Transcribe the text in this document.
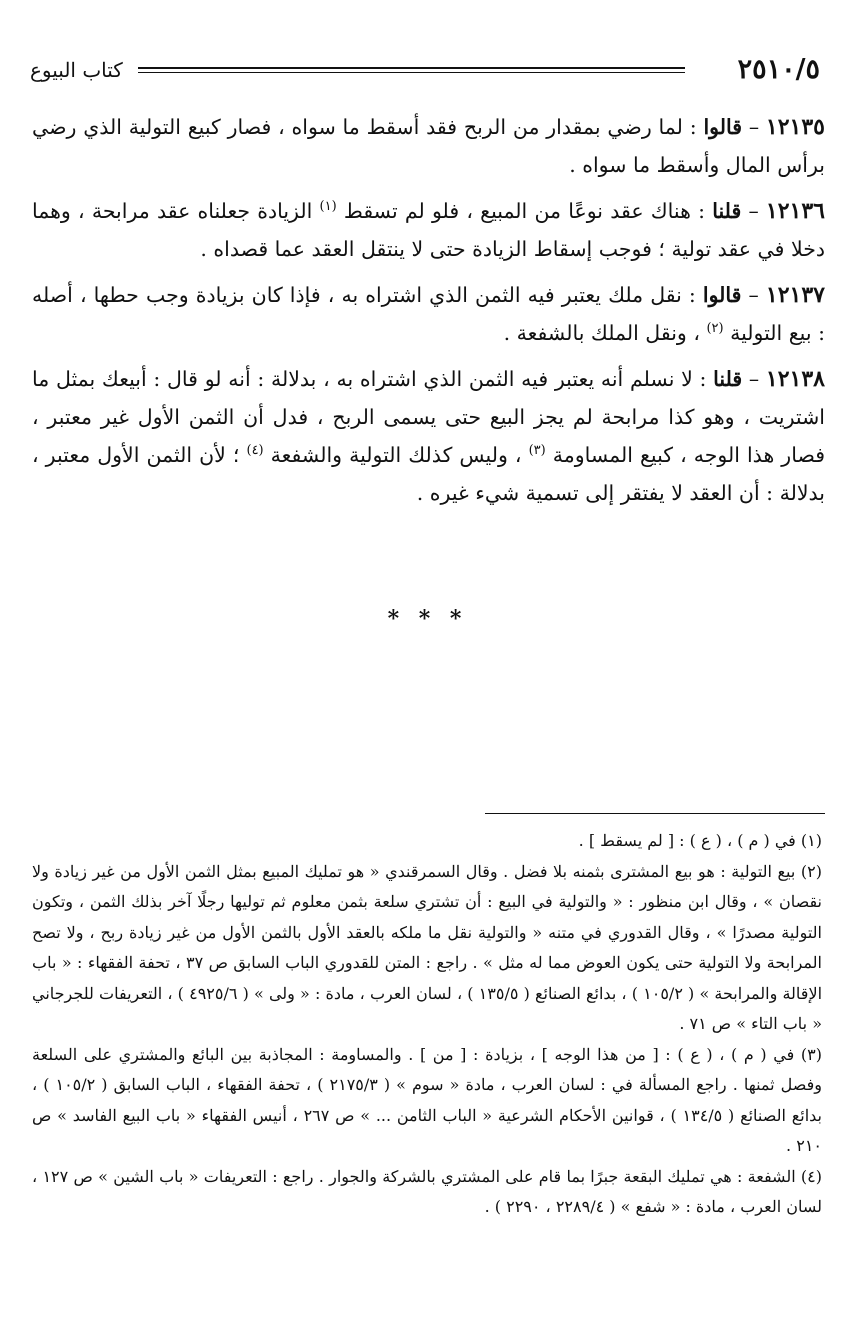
٢٥١٠/٥
كتاب البيوع

١٢١٣٥ – قالوا : لما رضي بمقدار من الربح فقد أسقط ما سواه ، فصار كبيع التولية الذي رضي برأس المال وأسقط ما سواه .

١٢١٣٦ – قلنا : هناك عقد نوعًا من المبيع ، فلو لم تسقط $^{(١)}$ الزيادة جعلناه عقد مرابحة ، وهما دخلا في عقد تولية ؛ فوجب إسقاط الزيادة حتى لا ينتقل العقد عما قصداه .

١٢١٣٧ – قالوا : نقل ملك يعتبر فيه الثمن الذي اشتراه به ، فإذا كان بزيادة وجب حطها ، أصله : بيع التولية $^{(٢)}$ ، ونقل الملك بالشفعة .

١٢١٣٨ – قلنا : لا نسلم أنه يعتبر فيه الثمن الذي اشتراه به ، بدلالة : أنه لو قال : أبيعك بمثل ما اشتريت ، وهو كذا مرابحة لم يجز البيع حتى يسمى الربح ، فدل أن الثمن الأول غير معتبر ، فصار هذا الوجه ، كبيع المساومة $^{(٣)}$ ، وليس كذلك التولية والشفعة $^{(٤)}$ ؛ لأن الثمن الأول معتبر ، بدلالة : أن العقد لا يفتقر إلى تسمية شيء غيره .

* * *

(١) في ( م ) ، ( ع ) : [ لم يسقط ] .

(٢) بيع التولية : هو بيع المشترى بثمنه بلا فضل . وقال السمرقندي « هو تمليك المبيع بمثل الثمن الأول من غير زيادة ولا نقصان » ، وقال ابن منظور : « والتولية في البيع : أن تشتري سلعة بثمن معلوم ثم توليها رجلًا آخر بذلك الثمن ، وتكون التولية مصدرًا » ، وقال القدوري في متنه « والتولية نقل ما ملكه بالعقد الأول بالثمن الأول من غير زيادة ربح ، ولا تصح المرابحة ولا التولية حتى يكون العوض مما له مثل » . راجع : المتن للقدوري الباب السابق ص ٣٧ ، تحفة الفقهاء : « باب الإقالة والمرابحة » ( ١٠٥/٢ ) ، بدائع الصنائع ( ١٣٥/٥ ) ، لسان العرب ، مادة : « ولى » ( ٤٩٢٥/٦ ) ، التعريفات للجرجاني « باب التاء » ص ٧١ .

(٣) في ( م ) ، ( ع ) : [ من هذا الوجه ] ، بزيادة : [ من ] . والمساومة : المجاذبة بين البائع والمشتري على السلعة وفصل ثمنها . راجع المسألة في : لسان العرب ، مادة « سوم » ( ٢١٧٥/٣ ) ، تحفة الفقهاء ، الباب السابق ( ١٠٥/٢ ) ، بدائع الصنائع ( ١٣٤/٥ ) ، قوانين الأحكام الشرعية « الباب الثامن ... » ص ٢٦٧ ، أنيس الفقهاء « باب البيع الفاسد » ص ٢١٠ .

(٤) الشفعة : هي تمليك البقعة جبرًا بما قام على المشتري بالشركة والجوار . راجع : التعريفات « باب الشين » ص ١٢٧ ، لسان العرب ، مادة : « شفع » ( ٢٢٨٩/٤ ، ٢٢٩٠ ) .
